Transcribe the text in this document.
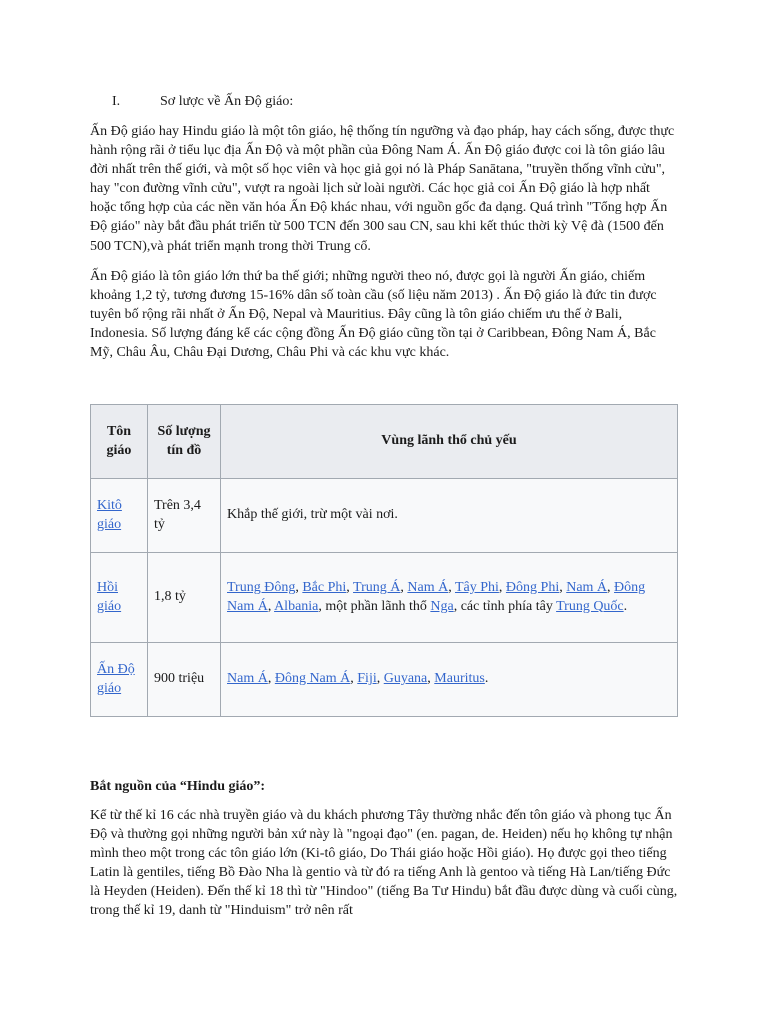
I.	Sơ lược về Ấn Độ giáo:

Ấn Độ giáo hay Hindu giáo là một tôn giáo, hệ thống tín ngưỡng và đạo pháp, hay cách sống, được thực hành rộng rãi ở tiểu lục địa Ấn Độ và một phần của Đông Nam Á. Ấn Độ giáo được coi là tôn giáo lâu đời nhất trên thế giới, và một số học viên và học giả gọi nó là Pháp Sanātana, "truyền thống vĩnh cửu", hay "con đường vĩnh cửu", vượt ra ngoài lịch sử loài người. Các học giả coi Ấn Độ giáo là hợp nhất hoặc tổng hợp của các nền văn hóa Ấn Độ khác nhau, với nguồn gốc đa dạng. Quá trình "Tổng hợp Ấn Độ giáo" này bắt đầu phát triển từ 500 TCN đến 300 sau CN, sau khi kết thúc thời kỳ Vệ đà (1500 đến 500 TCN),và phát triển mạnh trong thời Trung cổ.

Ấn Độ giáo là tôn giáo lớn thứ ba thế giới; những người theo nó, được gọi là người Ấn giáo, chiếm khoảng 1,2 tỷ, tương đương 15-16% dân số toàn cầu (số liệu năm 2013) . Ấn Độ giáo là đức tin được tuyên bố rộng rãi nhất ở Ấn Độ, Nepal và Mauritius. Đây cũng là tôn giáo chiếm ưu thế ở Bali, Indonesia. Số lượng đáng kể các cộng đồng Ấn Độ giáo cũng tồn tại ở Caribbean, Đông Nam Á, Bắc Mỹ, Châu Âu, Châu Đại Dương, Châu Phi và các khu vực khác.

Tôn giáo	Số lượng tín đồ	Vùng lãnh thổ chủ yếu
Kitô giáo	Trên 3,4 tỷ	Khắp thế giới, trừ một vài nơi.
Hồi giáo	1,8 tỷ	Trung Đông, Bắc Phi, Trung Á, Nam Á, Tây Phi, Đông Phi, Nam Á, Đông Nam Á, Albania, một phần lãnh thổ Nga, các tỉnh phía tây Trung Quốc.
Ấn Độ giáo	900 triệu	Nam Á, Đông Nam Á, Fiji, Guyana, Mauritus.
Bắt nguồn của “Hindu giáo”:

Kể từ thế kỉ 16 các nhà truyền giáo và du khách phương Tây thường nhắc đến tôn giáo và phong tục Ấn Độ và thường gọi những người bản xứ này là "ngoại đạo" (en. pagan, de. Heiden) nếu họ không tự nhận mình theo một trong các tôn giáo lớn (Ki-tô giáo, Do Thái giáo hoặc Hồi giáo). Họ được gọi theo tiếng Latin là gentiles, tiếng Bồ Đào Nha là gentio và từ đó ra tiếng Anh là gentoo và tiếng Hà Lan/tiếng Đức là Heyden (Heiden). Đến thế kỉ 18 thì từ "Hindoo" (tiếng Ba Tư Hindu) bắt đầu được dùng và cuối cùng, trong thế kỉ 19, danh từ "Hinduism" trở nên rất
